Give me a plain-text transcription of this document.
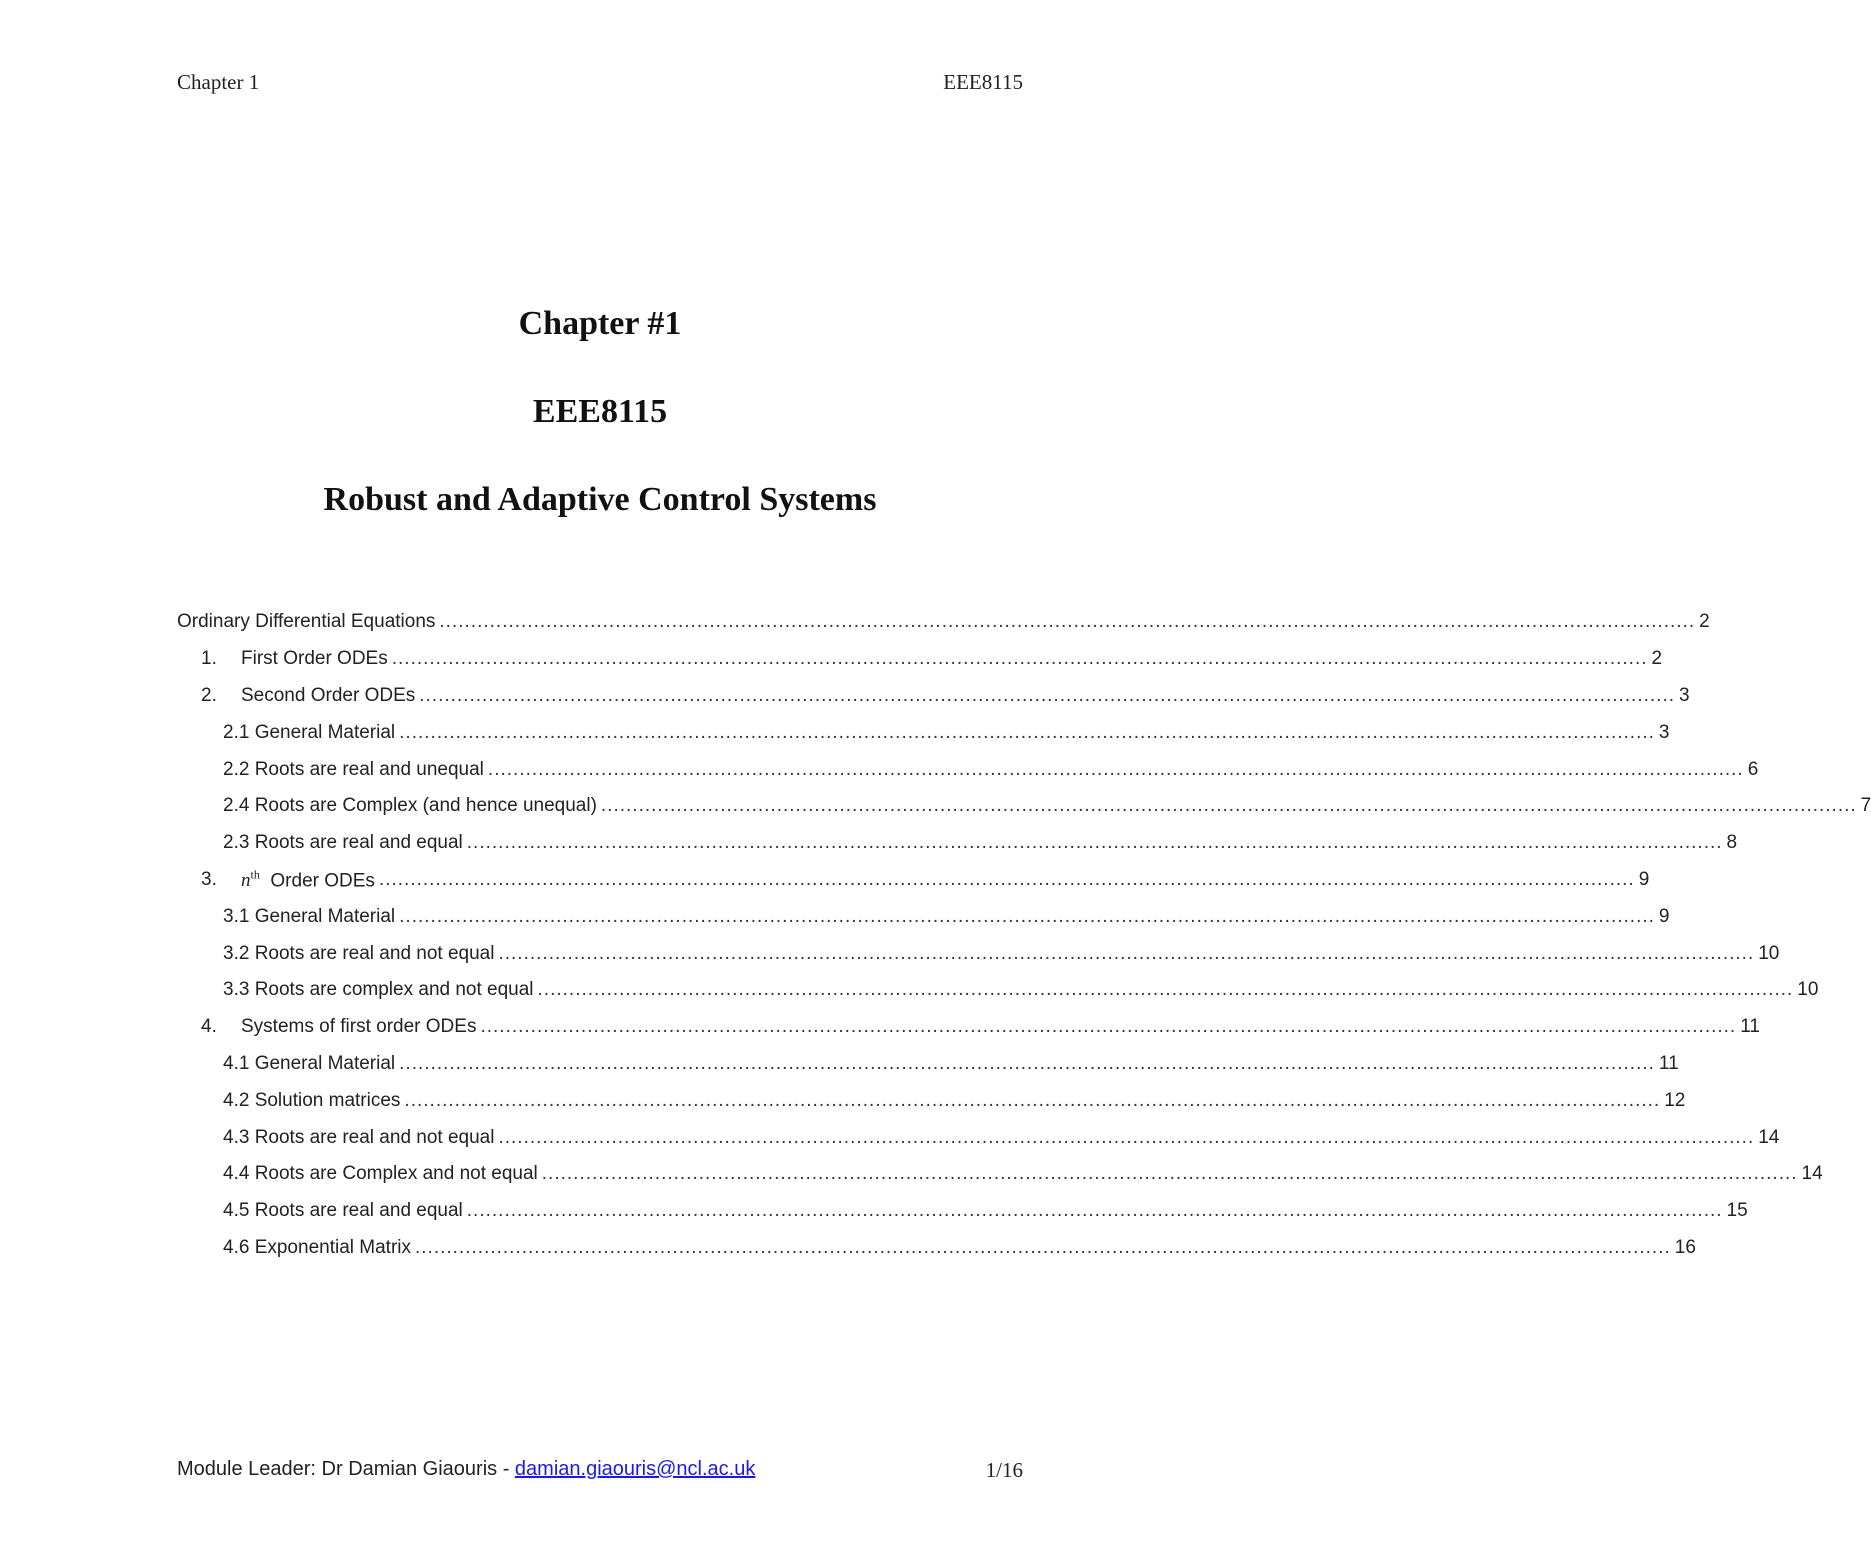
Chapter 1	EEE8115
Chapter #1
EEE8115
Robust and Adaptive Control Systems
Ordinary Differential Equations ........................................................................................................................................................................................................ 2
1.	First Order ODEs ........................................................................................................................................................................................................ 2
2.	Second Order ODEs ........................................................................................................................................................................................................ 3
2.1 General Material ........................................................................................................................................................................................................ 3
2.2 Roots are real and unequal ........................................................................................................................................................................................................ 6
2.4 Roots are Complex (and hence unequal) ........................................................................................................................................................................................................ 7
2.3 Roots are real and equal ........................................................................................................................................................................................................ 8
3.	$n^{th}$ Order ODEs ........................................................................................................................................................................................................ 9
3.1 General Material ........................................................................................................................................................................................................ 9
3.2 Roots are real and not equal ........................................................................................................................................................................................................ 10
3.3 Roots are complex and not equal ........................................................................................................................................................................................................ 10
4.	Systems of first order ODEs ........................................................................................................................................................................................................ 11
4.1 General Material ........................................................................................................................................................................................................ 11
4.2 Solution matrices ........................................................................................................................................................................................................ 12
4.3 Roots are real and not equal ........................................................................................................................................................................................................ 14
4.4 Roots are Complex and not equal ........................................................................................................................................................................................................ 14
4.5 Roots are real and equal ........................................................................................................................................................................................................ 15
4.6 Exponential Matrix ........................................................................................................................................................................................................ 16
Module Leader: Dr Damian Giaouris - damian.giaouris@ncl.ac.uk	1/16
